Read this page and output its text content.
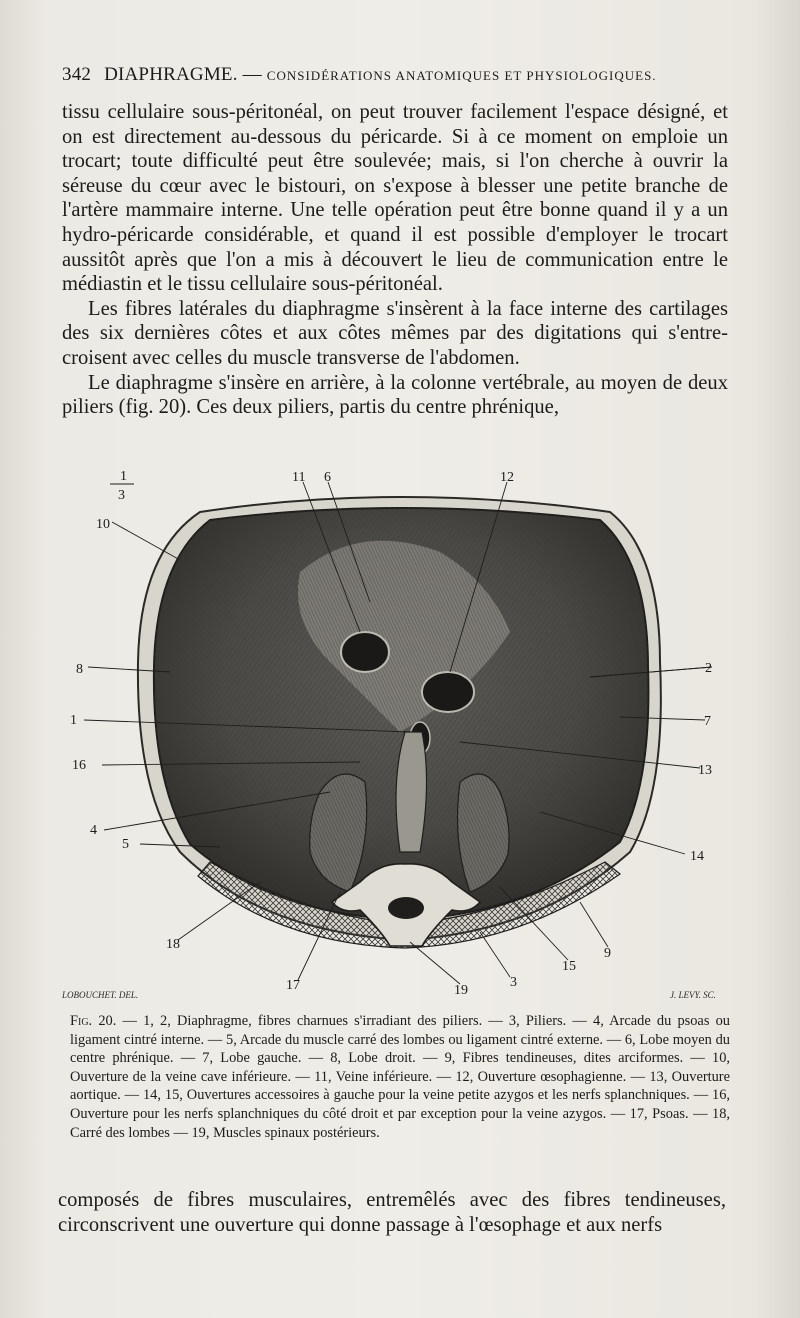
342 DIAPHRAGME. — CONSIDÉRATIONS ANATOMIQUES ET PHYSIOLOGIQUES.

tissu cellulaire sous-péritonéal, on peut trouver facilement l'espace désigné, et on est directement au-dessous du péricarde. Si à ce moment on emploie un trocart; toute difficulté peut être soulevée; mais, si l'on cherche à ouvrir la séreuse du cœur avec le bistouri, on s'expose à blesser une petite branche de l'artère mammaire interne. Une telle opération peut être bonne quand il y a un hydro-péricarde considérable, et quand il est possible d'employer le trocart aussitôt après que l'on a mis à découvert le lieu de communication entre le médiastin et le tissu cellulaire sous-péritonéal.

Les fibres latérales du diaphragme s'insèrent à la face interne des cartilages des six dernières côtes et aux côtes mêmes par des digitations qui s'entre-croisent avec celles du muscle transverse de l'abdomen.

Le diaphragme s'insère en arrière, à la colonne vertébrale, au moyen de deux piliers (fig. 20). Ces deux piliers, partis du centre phrénique,

1
3
10
11 6	12
8	2
1	7
16	13
4
5
14
18
9
15
3
17	19
LOBOUCHET. DEL.	J. LEVY. SC.
Fig. 20. — 1, 2, Diaphragme, fibres charnues s'irradiant des piliers. — 3, Piliers. — 4, Arcade du psoas ou ligament cintré interne. — 5, Arcade du muscle carré des lombes ou ligament cintré externe. — 6, Lobe moyen du centre phrénique. — 7, Lobe gauche. — 8, Lobe droit. — 9, Fibres tendineuses, dites arciformes. — 10, Ouverture de la veine cave inférieure. — 11, Veine inférieure. — 12, Ouverture œsophagienne. — 13, Ouverture aortique. — 14, 15, Ouvertures accessoires à gauche pour la veine petite azygos et les nerfs splanchniques. — 16, Ouverture pour les nerfs splanchniques du côté droit et par exception pour la veine azygos. — 17, Psoas. — 18, Carré des lombes — 19, Muscles spinaux postérieurs.
composés de fibres musculaires, entremêlés avec des fibres tendineuses, circonscrivent une ouverture qui donne passage à l'œsophage et aux nerfs
